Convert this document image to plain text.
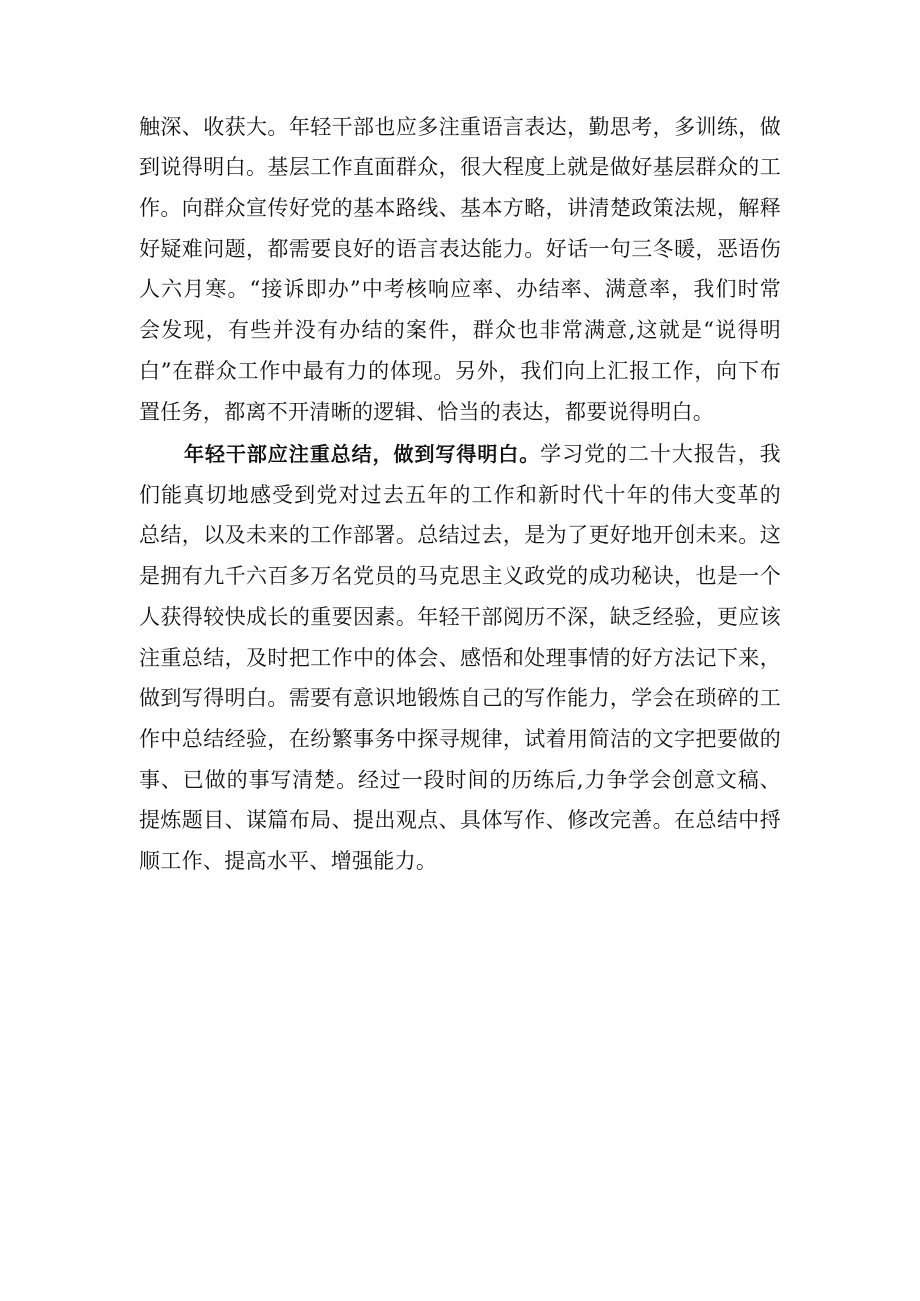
触深、收获大。年轻干部也应多注重语言表达，勤思考，多训练，做
到说得明白。基层工作直面群众，很大程度上就是做好基层群众的工
作。向群众宣传好党的基本路线、基本方略，讲清楚政策法规，解释
好疑难问题，都需要良好的语言表达能力。好话一句三冬暖，恶语伤
人六月寒。“接诉即办”中考核响应率、办结率、满意率，我们时常
会发现，有些并没有办结的案件，群众也非常满意,这就是“说得明
白”在群众工作中最有力的体现。另外，我们向上汇报工作，向下布
置任务，都离不开清晰的逻辑、恰当的表达，都要说得明白。
年轻干部应注重总结，做到写得明白。学习党的二十大报告，我
们能真切地感受到党对过去五年的工作和新时代十年的伟大变革的
总结，以及未来的工作部署。总结过去，是为了更好地开创未来。这
是拥有九千六百多万名党员的马克思主义政党的成功秘诀，也是一个
人获得较快成长的重要因素。年轻干部阅历不深，缺乏经验，更应该
注重总结，及时把工作中的体会、感悟和处理事情的好方法记下来，
做到写得明白。需要有意识地锻炼自己的写作能力，学会在琐碎的工
作中总结经验，在纷繁事务中探寻规律，试着用简洁的文字把要做的
事、已做的事写清楚。经过一段时间的历练后,力争学会创意文稿、
提炼题目、谋篇布局、提出观点、具体写作、修改完善。在总结中捋
顺工作、提高水平、增强能力。
